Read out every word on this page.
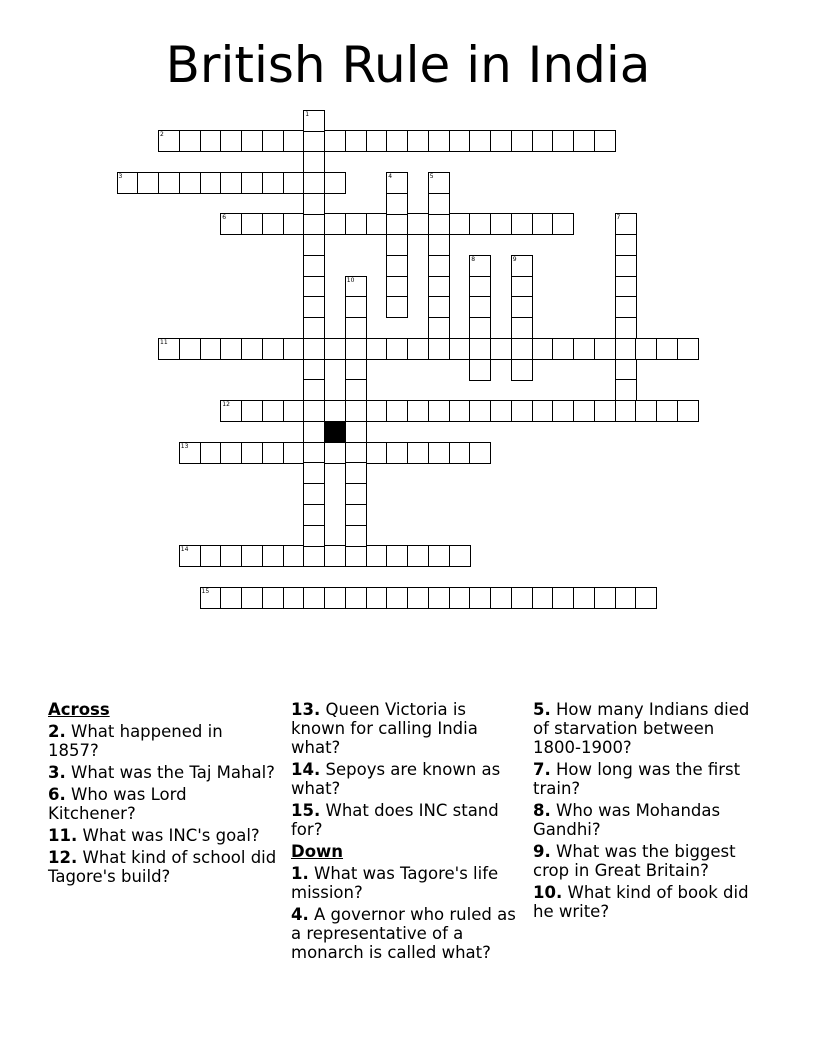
British Rule in India
2
3
6
11
12
13
14
15
1
4	5
7
8	9
10
Across
2. What happened in 1857?
3. What was the Taj Mahal?
6. Who was Lord Kitchener?
11. What was INC's goal?
12. What kind of school did Tagore's build?
13. Queen Victoria is known for calling India what?
14. Sepoys are known as what?
15. What does INC stand for?
Down
1. What was Tagore's life mission?
4. A governor who ruled as a representative of a monarch is called what?
5. How many Indians died of starvation between 1800-1900?
7. How long was the first train?
8. Who was Mohandas Gandhi?
9. What was the biggest crop in Great Britain?
10. What kind of book did he write?
